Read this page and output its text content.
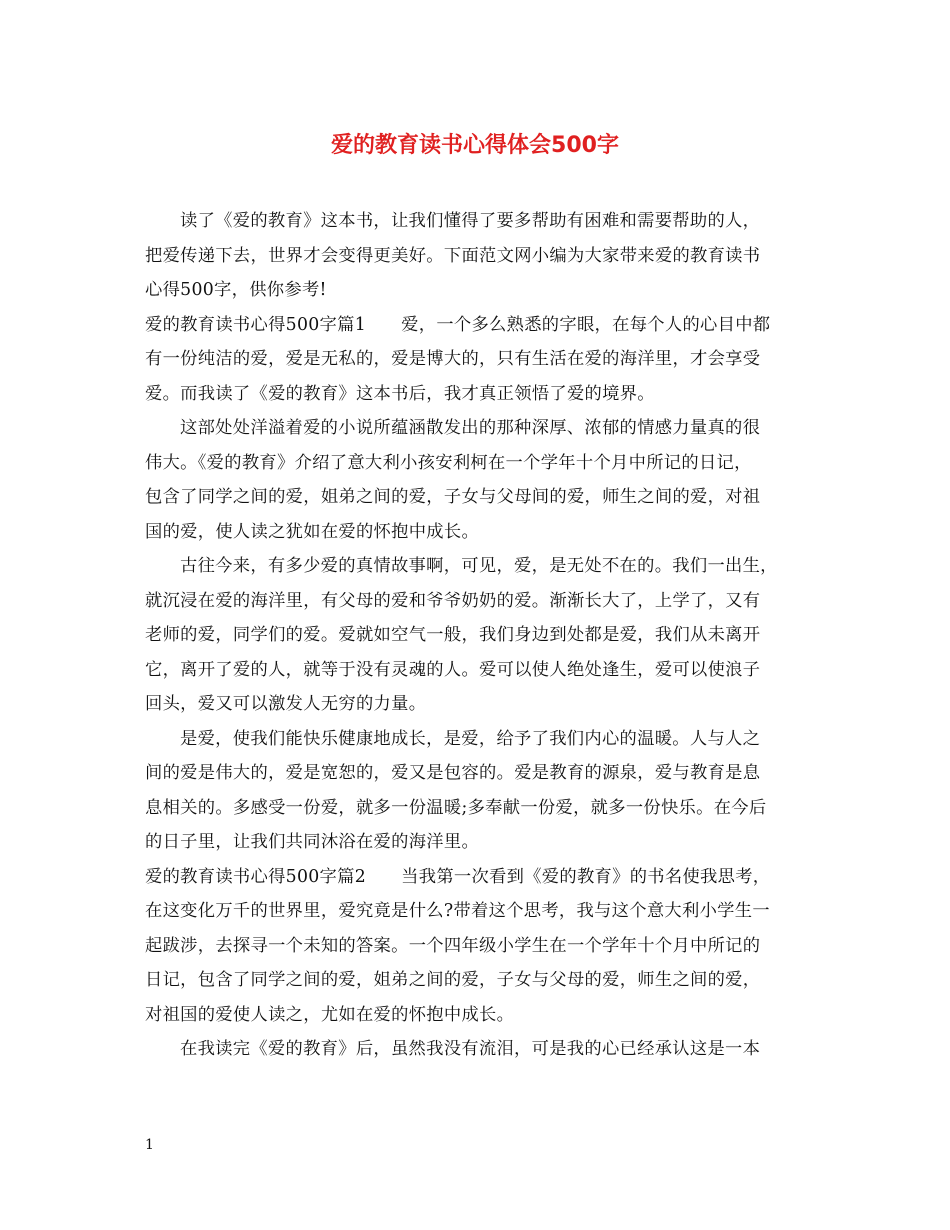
爱的教育读书心得体会500字
读了《爱的教育》这本书，让我们懂得了要多帮助有困难和需要帮助的人，
把爱传递下去，世界才会变得更美好。下面范文网小编为大家带来爱的教育读书
心得500字，供你参考!
爱的教育读书心得500字篇1　　爱，一个多么熟悉的字眼，在每个人的心目中都
有一份纯洁的爱，爱是无私的，爱是博大的，只有生活在爱的海洋里，才会享受
爱。而我读了《爱的教育》这本书后，我才真正领悟了爱的境界。
这部处处洋溢着爱的小说所蕴涵散发出的那种深厚、浓郁的情感力量真的很
伟大。《爱的教育》介绍了意大利小孩安利柯在一个学年十个月中所记的日记，
包含了同学之间的爱，姐弟之间的爱，子女与父母间的爱，师生之间的爱，对祖
国的爱，使人读之犹如在爱的怀抱中成长。
古往今来，有多少爱的真情故事啊，可见，爱，是无处不在的。我们一出生，
就沉浸在爱的海洋里，有父母的爱和爷爷奶奶的爱。渐渐长大了，上学了，又有
老师的爱，同学们的爱。爱就如空气一般，我们身边到处都是爱，我们从未离开
它，离开了爱的人，就等于没有灵魂的人。爱可以使人绝处逢生，爱可以使浪子
回头，爱又可以激发人无穷的力量。
是爱，使我们能快乐健康地成长，是爱，给予了我们内心的温暖。人与人之
间的爱是伟大的，爱是宽恕的，爱又是包容的。爱是教育的源泉，爱与教育是息
息相关的。多感受一份爱，就多一份温暖;多奉献一份爱，就多一份快乐。在今后
的日子里，让我们共同沐浴在爱的海洋里。
爱的教育读书心得500字篇2　　当我第一次看到《爱的教育》的书名使我思考，
在这变化万千的世界里，爱究竟是什么?带着这个思考，我与这个意大利小学生一
起跋涉，去探寻一个未知的答案。一个四年级小学生在一个学年十个月中所记的
日记，包含了同学之间的爱，姐弟之间的爱，子女与父母的爱，师生之间的爱，
对祖国的爱使人读之，尤如在爱的怀抱中成长。
在我读完《爱的教育》后，虽然我没有流泪，可是我的心已经承认这是一本
1
